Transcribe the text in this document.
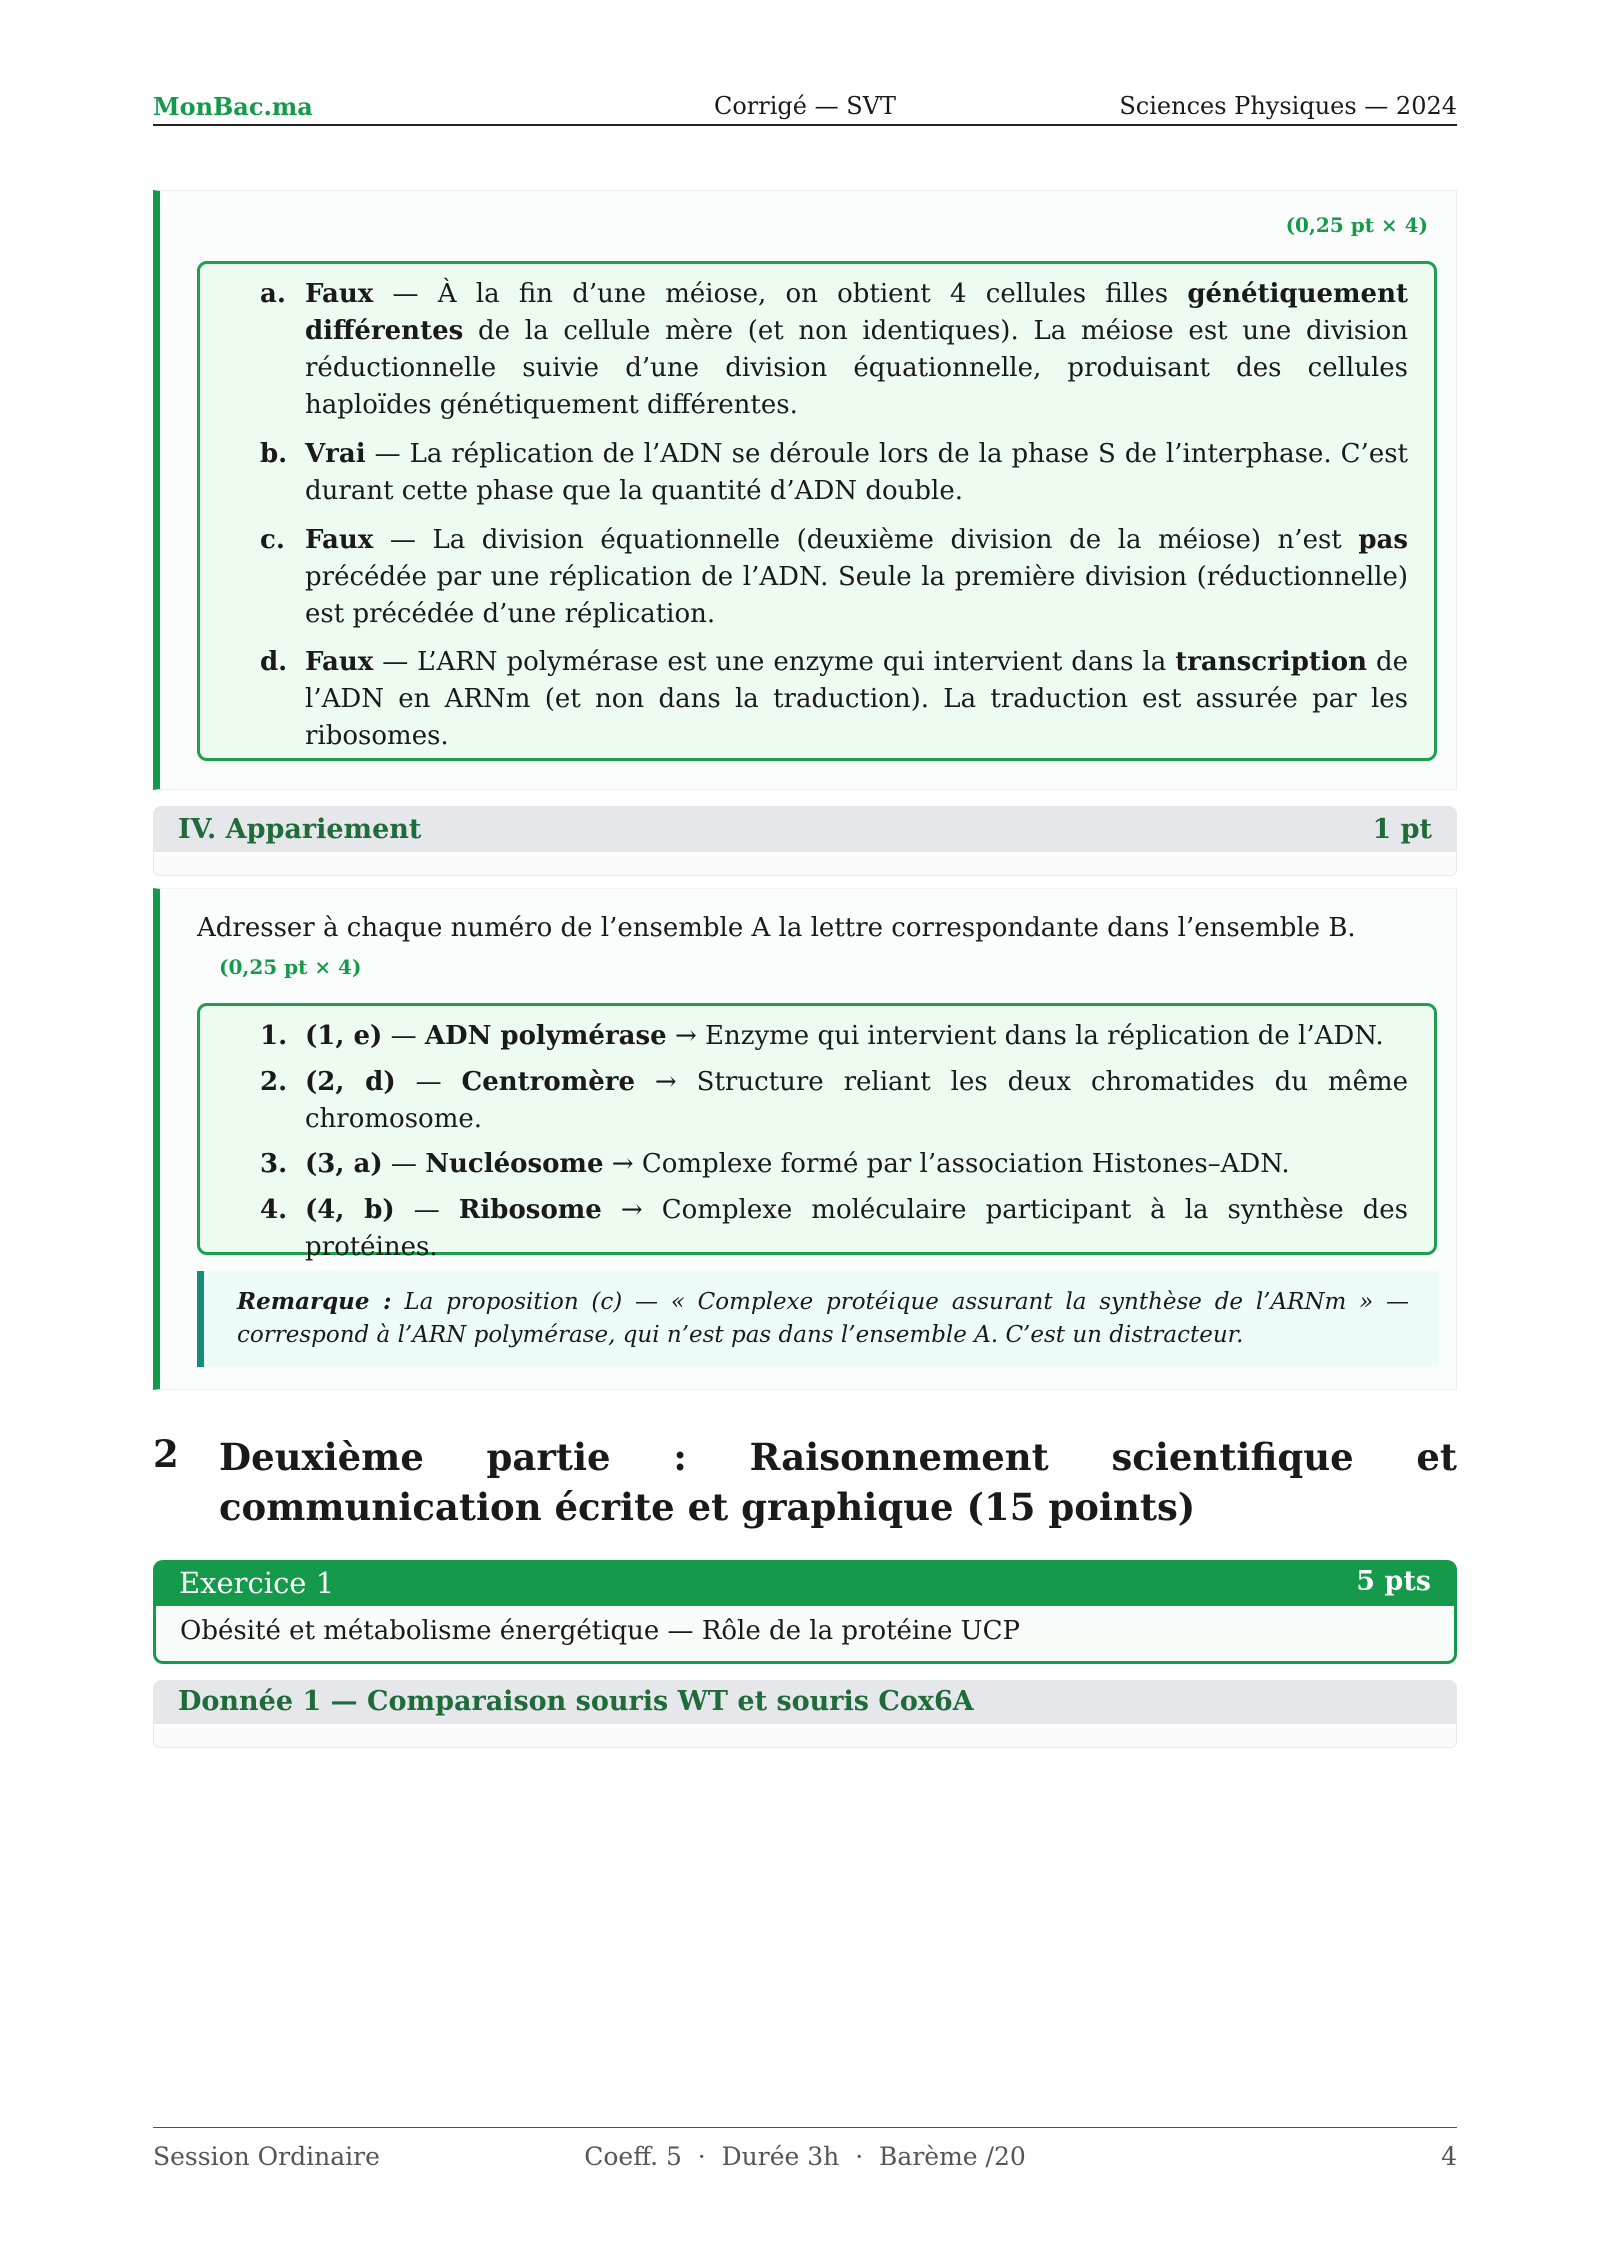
MonBac.ma	Corrigé — SVT	Sciences Physiques — 2024
(0,25 pt × 4)
a. Faux — À la fin d’une méiose, on obtient 4 cellules filles génétiquement différentes de la cellule mère (et non identiques). La méiose est une division réductionnelle suivie d’une division équationnelle, produisant des cellules haploïdes génétiquement différentes.
b. Vrai — La réplication de l’ADN se déroule lors de la phase S de l’interphase. C’est durant cette phase que la quantité d’ADN double.
c. Faux — La division équationnelle (deuxième division de la méiose) n’est pas précédée par une réplication de l’ADN. Seule la première division (réductionnelle) est précédée d’une réplication.
d. Faux — L’ARN polymérase est une enzyme qui intervient dans la transcription de l’ADN en ARNm (et non dans la traduction). La traduction est assurée par les ribosomes.
IV. Appariement	1 pt
Adresser à chaque numéro de l’ensemble A la lettre correspondante dans l’ensemble B. (0,25 pt × 4)
1. (1, e) — ADN polymérase → Enzyme qui intervient dans la réplication de l’ADN.
2. (2, d) — Centromère → Structure reliant les deux chromatides du même chromosome.
3. (3, a) — Nucléosome → Complexe formé par l’association Histones–ADN.
4. (4, b) — Ribosome → Complexe moléculaire participant à la synthèse des protéines.
Remarque : La proposition (c) — « Complexe protéique assurant la synthèse de l’ARNm » — correspond à l’ARN polymérase, qui n’est pas dans l’ensemble A. C’est un distracteur.
2 Deuxième partie : Raisonnement scientifique et communication écrite et graphique (15 points)
Exercice 1	5 pts
Obésité et métabolisme énergétique — Rôle de la protéine UCP
Donnée 1 — Comparaison souris WT et souris Cox6A
Session Ordinaire	Coeff. 5 · Durée 3h · Barème /20	4
